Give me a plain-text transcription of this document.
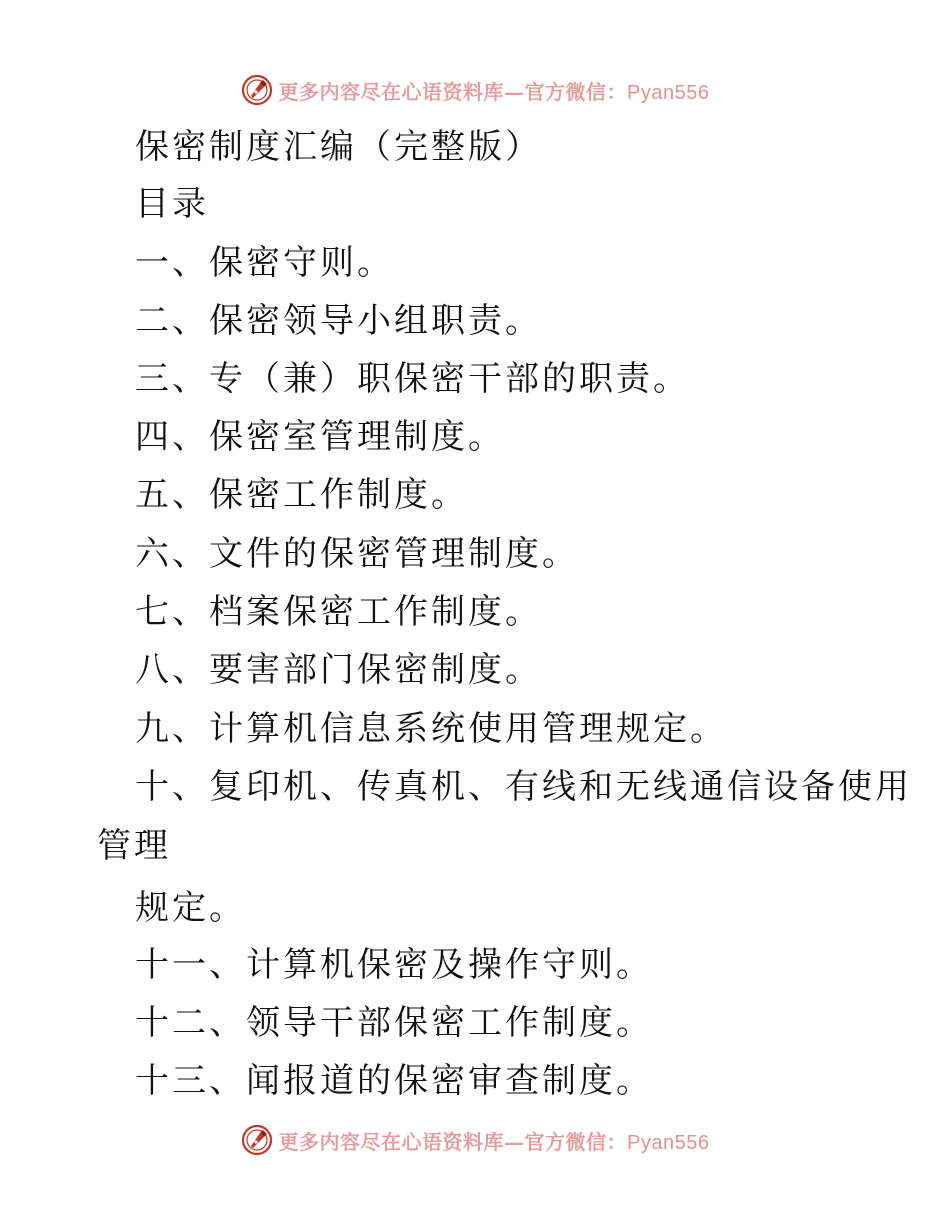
更多内容尽在心语资料库—官方微信：Pyan556
保密制度汇编（完整版）
目录
一、保密守则。
二、保密领导小组职责。
三、专（兼）职保密干部的职责。
四、保密室管理制度。
五、保密工作制度。
六、文件的保密管理制度。
七、档案保密工作制度。
八、要害部门保密制度。
九、计算机信息系统使用管理规定。
十、复印机、传真机、有线和无线通信设备使用
管理
规定。
十一、计算机保密及操作守则。
十二、领导干部保密工作制度。
十三、闻报道的保密审查制度。
更多内容尽在心语资料库—官方微信：Pyan556
